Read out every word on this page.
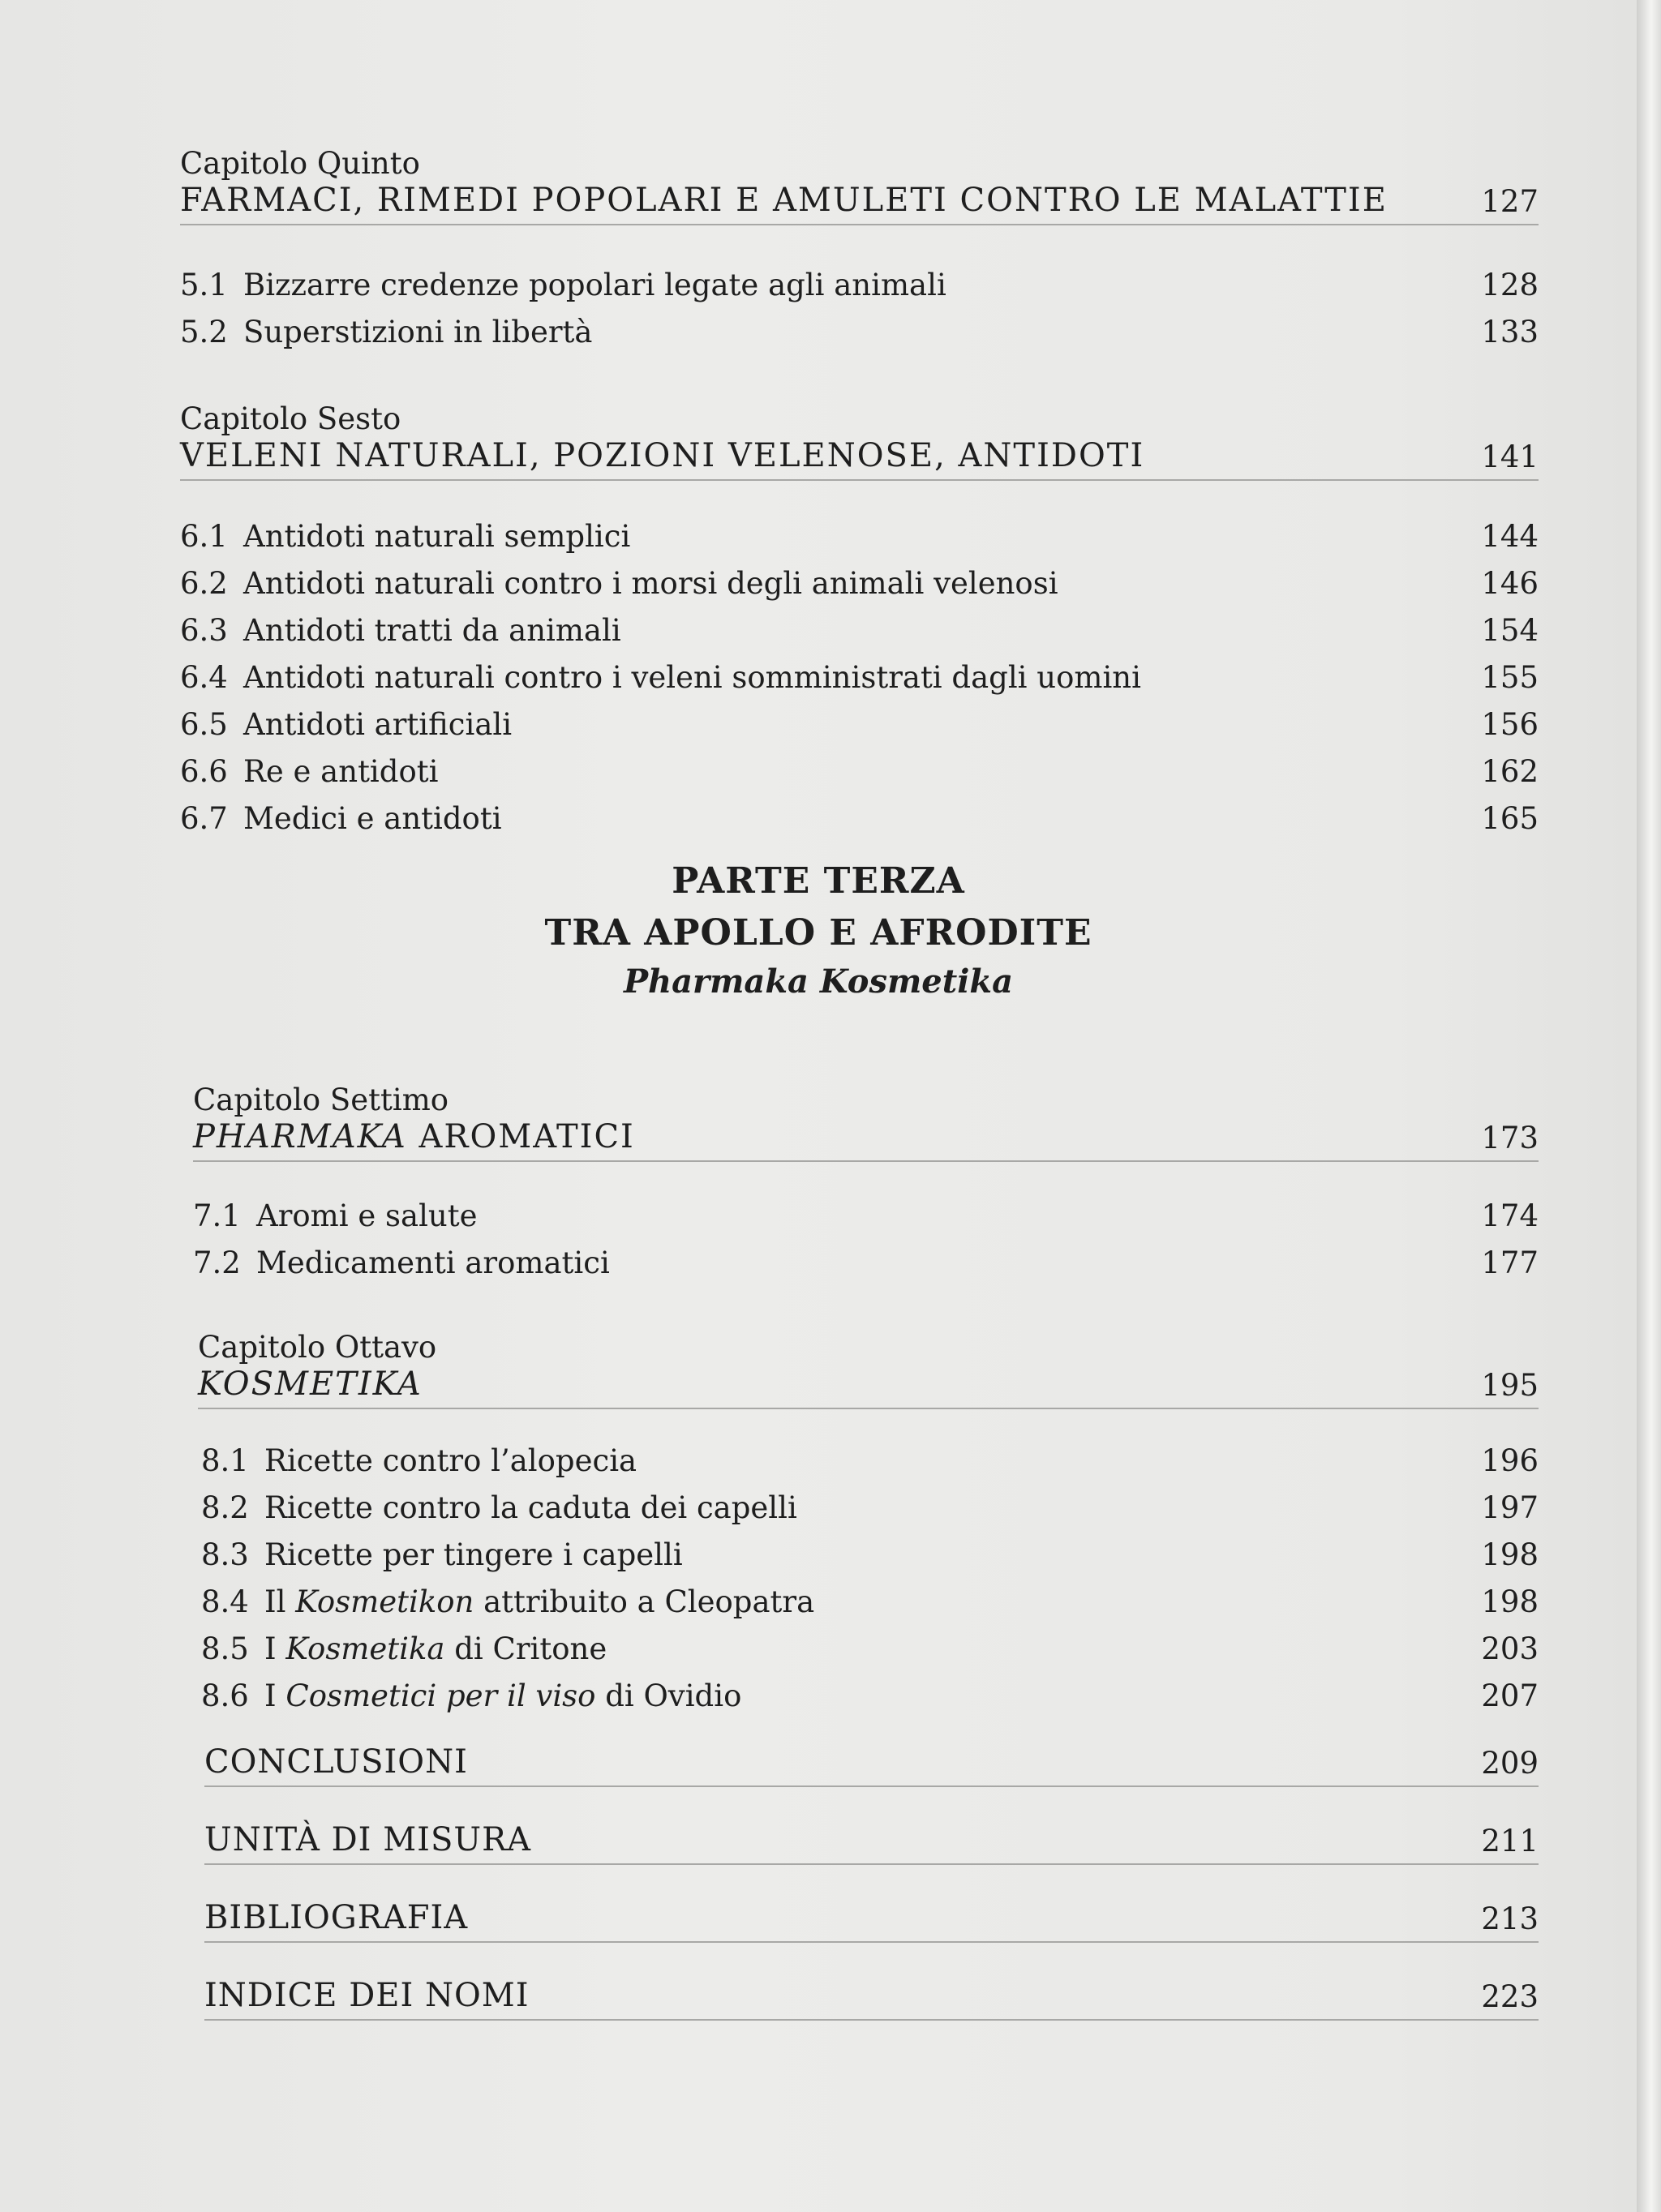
Capitolo Quinto
FARMACI, RIMEDI POPOLARI E AMULETI CONTRO LE MALATTIE	127
5.1 Bizzarre credenze popolari legate agli animali	128
5.2 Superstizioni in libertà	133
Capitolo Sesto
VELENI NATURALI, POZIONI VELENOSE, ANTIDOTI	141
6.1 Antidoti naturali semplici	144
6.2 Antidoti naturali contro i morsi degli animali velenosi	146
6.3 Antidoti tratti da animali	154
6.4 Antidoti naturali contro i veleni somministrati dagli uomini	155
6.5 Antidoti artificiali	156
6.6 Re e antidoti	162
6.7 Medici e antidoti	165
PARTE TERZA
TRA APOLLO E AFRODITE
Pharmaka Kosmetika
Capitolo Settimo
PHARMAKA AROMATICI	173
7.1 Aromi e salute	174
7.2 Medicamenti aromatici	177
Capitolo Ottavo
KOSMETIKA	195
8.1 Ricette contro l’alopecia	196
8.2 Ricette contro la caduta dei capelli	197
8.3 Ricette per tingere i capelli	198
8.4 Il Kosmetikon attribuito a Cleopatra	198
8.5 I Kosmetika di Critone	203
8.6 I Cosmetici per il viso di Ovidio	207
CONCLUSIONI	209
UNITÀ DI MISURA	211
BIBLIOGRAFIA	213
INDICE DEI NOMI	223
